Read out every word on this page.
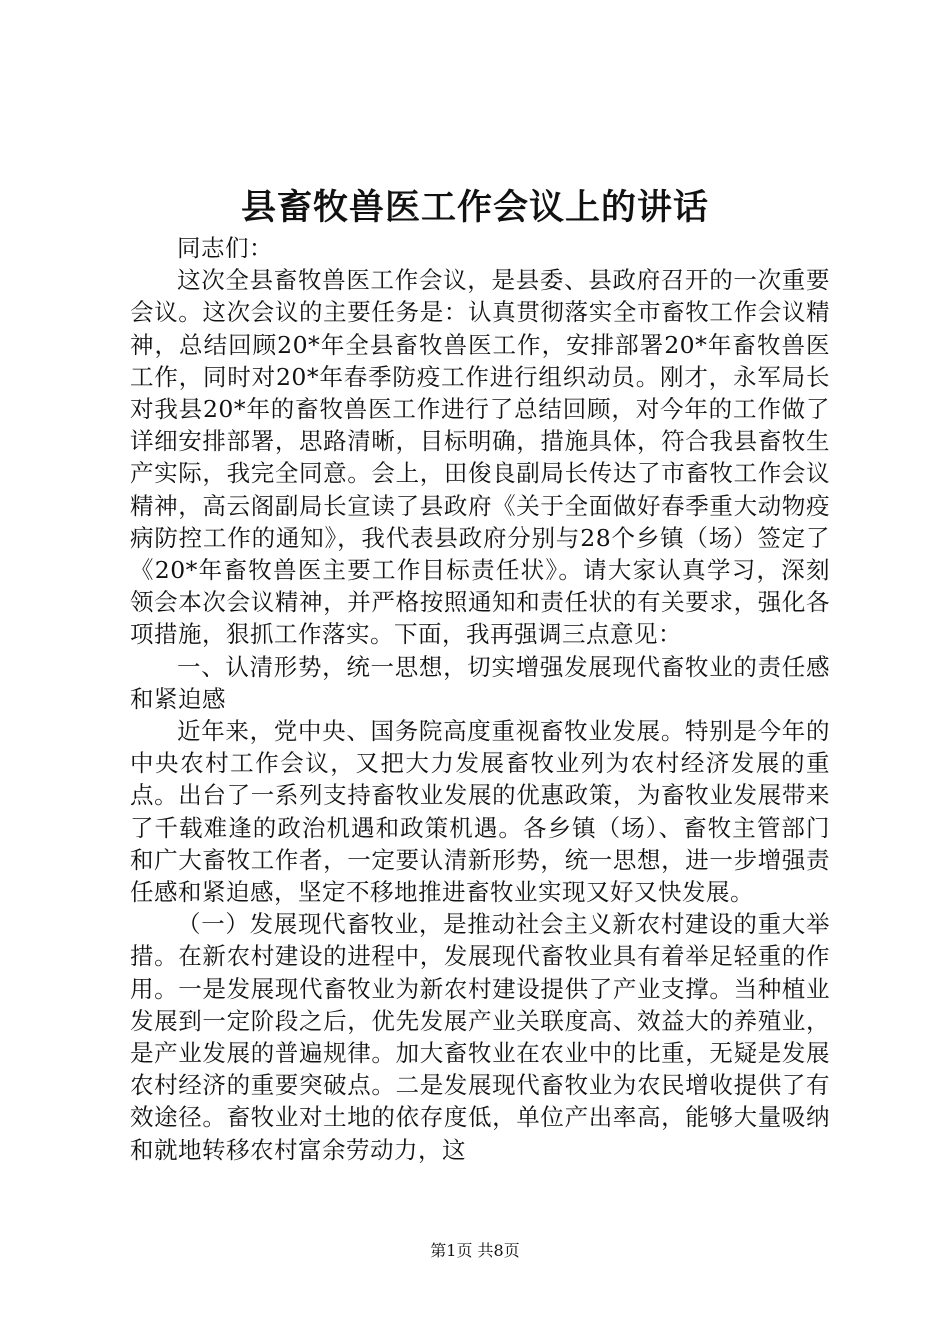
县畜牧兽医工作会议上的讲话

同志们：

这次全县畜牧兽医工作会议，是县委、县政府召开的一次重要会议。这次会议的主要任务是：认真贯彻落实全市畜牧工作会议精神，总结回顾20*年全县畜牧兽医工作，安排部署20*年畜牧兽医工作，同时对20*年春季防疫工作进行组织动员。刚才，永军局长对我县20*年的畜牧兽医工作进行了总结回顾，对今年的工作做了详细安排部署，思路清晰，目标明确，措施具体，符合我县畜牧生产实际，我完全同意。会上，田俊良副局长传达了市畜牧工作会议精神，高云阁副局长宣读了县政府《关于全面做好春季重大动物疫病防控工作的通知》，我代表县政府分别与28个乡镇（场）签定了《20*年畜牧兽医主要工作目标责任状》。请大家认真学习，深刻领会本次会议精神，并严格按照通知和责任状的有关要求，强化各项措施，狠抓工作落实。下面，我再强调三点意见：

一、认清形势，统一思想，切实增强发展现代畜牧业的责任感和紧迫感

近年来，党中央、国务院高度重视畜牧业发展。特别是今年的中央农村工作会议，又把大力发展畜牧业列为农村经济发展的重点。出台了一系列支持畜牧业发展的优惠政策，为畜牧业发展带来了千载难逢的政治机遇和政策机遇。各乡镇（场）、畜牧主管部门和广大畜牧工作者，一定要认清新形势，统一思想，进一步增强责任感和紧迫感，坚定不移地推进畜牧业实现又好又快发展。

（一）发展现代畜牧业，是推动社会主义新农村建设的重大举措。在新农村建设的进程中，发展现代畜牧业具有着举足轻重的作用。一是发展现代畜牧业为新农村建设提供了产业支撑。当种植业发展到一定阶段之后，优先发展产业关联度高、效益大的养殖业，是产业发展的普遍规律。加大畜牧业在农业中的比重，无疑是发展农村经济的重要突破点。二是发展现代畜牧业为农民增收提供了有效途径。畜牧业对土地的依存度低，单位产出率高，能够大量吸纳和就地转移农村富余劳动力，这

第1页 共8页
